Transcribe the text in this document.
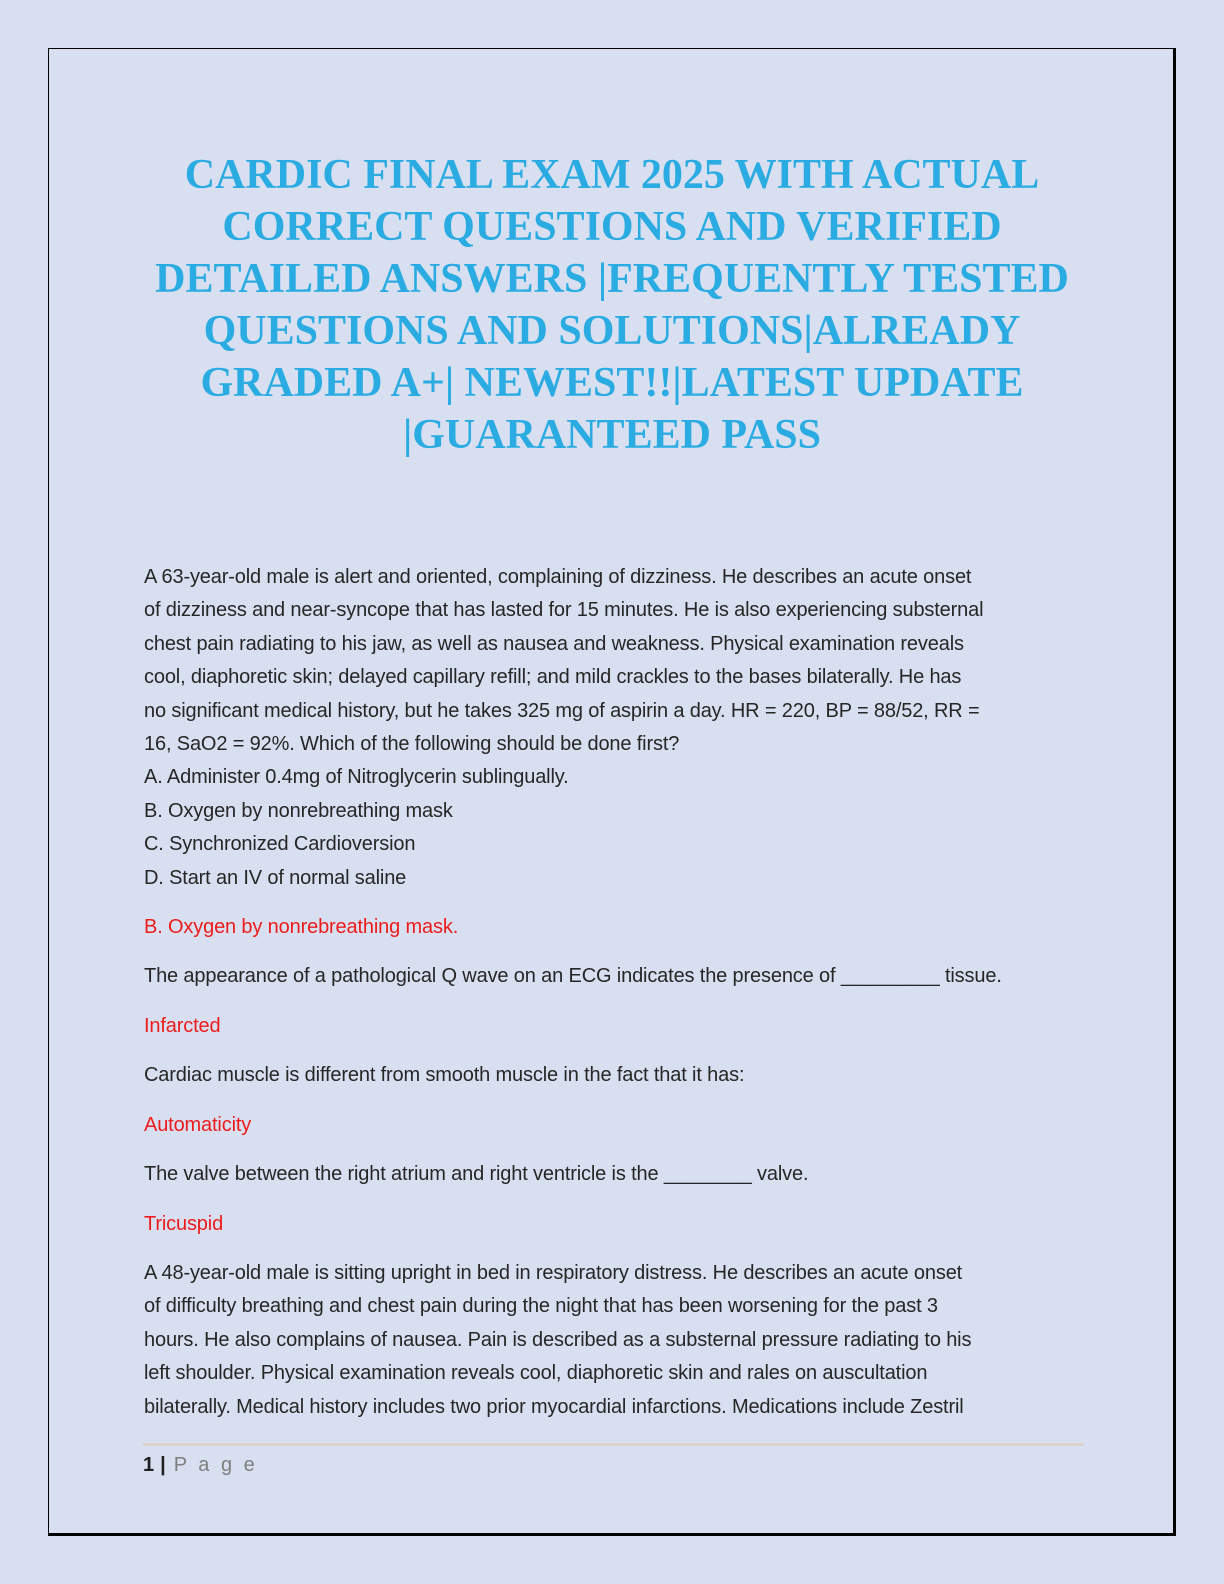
CARDIC FINAL EXAM 2025 WITH ACTUAL
CORRECT QUESTIONS AND VERIFIED
DETAILED ANSWERS |FREQUENTLY TESTED
QUESTIONS AND SOLUTIONS|ALREADY
GRADED A+| NEWEST!!|LATEST UPDATE
|GUARANTEED PASS

A 63-year-old male is alert and oriented, complaining of dizziness. He describes an acute onset
of dizziness and near-syncope that has lasted for 15 minutes. He is also experiencing substernal
chest pain radiating to his jaw, as well as nausea and weakness. Physical examination reveals
cool, diaphoretic skin; delayed capillary refill; and mild crackles to the bases bilaterally. He has
no significant medical history, but he takes 325 mg of aspirin a day. HR = 220, BP = 88/52, RR =
16, SaO2 = 92%. Which of the following should be done first?
A. Administer 0.4mg of Nitroglycerin sublingually.
B. Oxygen by nonrebreathing mask
C. Synchronized Cardioversion
D. Start an IV of normal saline

B. Oxygen by nonrebreathing mask.

The appearance of a pathological Q wave on an ECG indicates the presence of _________ tissue.

Infarcted

Cardiac muscle is different from smooth muscle in the fact that it has:

Automaticity

The valve between the right atrium and right ventricle is the ________ valve.

Tricuspid

A 48-year-old male is sitting upright in bed in respiratory distress. He describes an acute onset
of difficulty breathing and chest pain during the night that has been worsening for the past 3
hours. He also complains of nausea. Pain is described as a substernal pressure radiating to his
left shoulder. Physical examination reveals cool, diaphoretic skin and rales on auscultation
bilaterally. Medical history includes two prior myocardial infarctions. Medications include Zestril

1 | P a g e
